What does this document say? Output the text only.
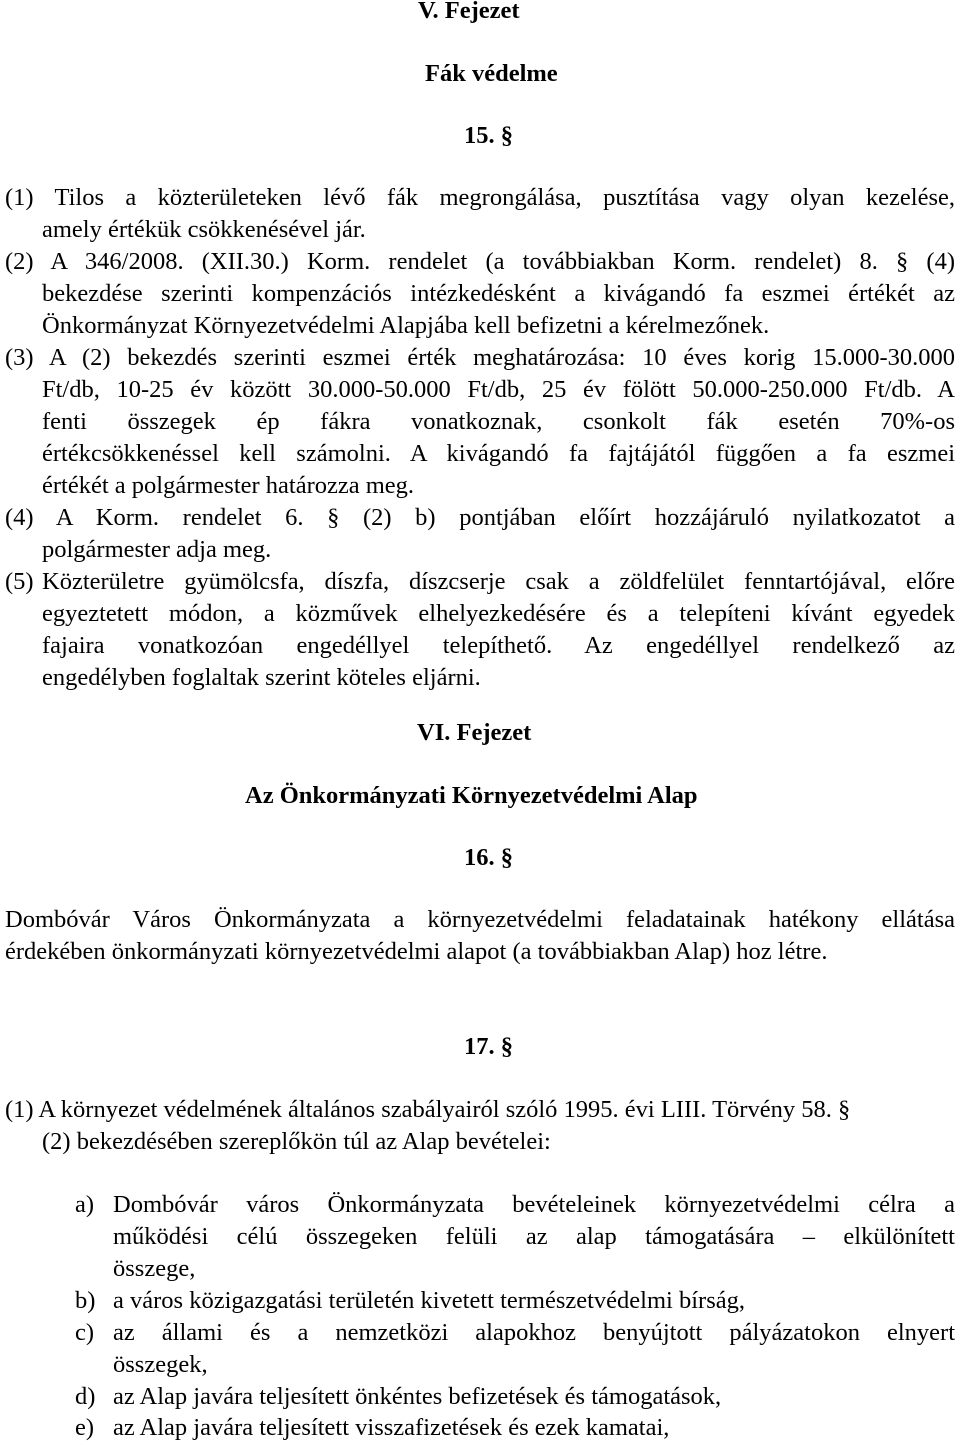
V. Fejezet
Fák védelme
15. §
(1) Tilos a közterületeken lévő fák megrongálása, pusztítása vagy olyan kezelése,
amely értékük csökkenésével jár.
(2) A 346/2008. (XII.30.) Korm. rendelet (a továbbiakban Korm. rendelet) 8. § (4)
bekezdése szerinti kompenzációs intézkedésként a kivágandó fa eszmei értékét az
Önkormányzat Környezetvédelmi Alapjába kell befizetni a kérelmezőnek.
(3) A (2) bekezdés szerinti eszmei érték meghatározása: 10 éves korig 15.000-30.000
Ft/db, 10-25 év között 30.000-50.000 Ft/db, 25 év fölött 50.000-250.000 Ft/db. A
fenti összegek ép fákra vonatkoznak, csonkolt fák esetén 70%-os
értékcsökkenéssel kell számolni. A kivágandó fa fajtájától függően a fa eszmei
értékét a polgármester határozza meg.
(4) A Korm. rendelet 6. § (2) b) pontjában előírt hozzájáruló nyilatkozatot a
polgármester adja meg.
(5) Közterületre gyümölcsfa, díszfa, díszcserje csak a zöldfelület fenntartójával, előre
egyeztetett módon, a közművek elhelyezkedésére és a telepíteni kívánt egyedek
fajaira vonatkozóan engedéllyel telepíthető. Az engedéllyel rendelkező az
engedélyben foglaltak szerint köteles eljárni.
VI. Fejezet
Az Önkormányzati Környezetvédelmi Alap
16. §
Dombóvár Város Önkormányzata a környezetvédelmi feladatainak hatékony ellátása
érdekében önkormányzati környezetvédelmi alapot (a továbbiakban Alap) hoz létre.
17. §
(1) A környezet védelmének általános szabályairól szóló 1995. évi LIII. Törvény 58. §
(2) bekezdésében szereplőkön túl az Alap bevételei:
a) Dombóvár város Önkormányzata bevételeinek környezetvédelmi célra a
működési célú összegeken felüli az alap támogatására – elkülönített
összege,
b) a város közigazgatási területén kivetett természetvédelmi bírság,
c) az állami és a nemzetközi alapokhoz benyújtott pályázatokon elnyert
összegek,
d) az Alap javára teljesített önkéntes befizetések és támogatások,
e) az Alap javára teljesített visszafizetések és ezek kamatai,
